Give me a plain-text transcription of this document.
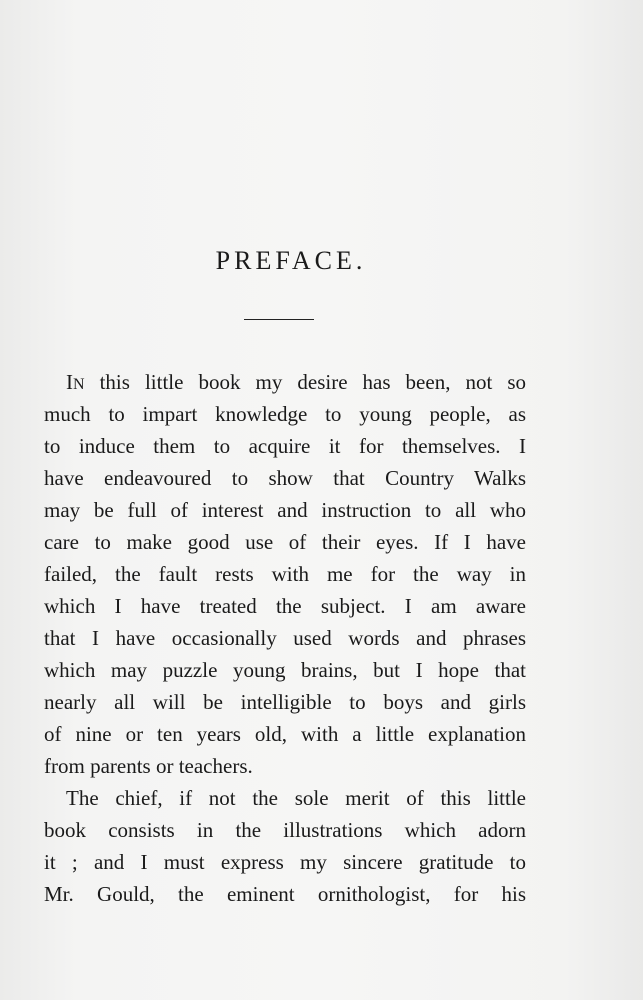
PREFACE.
IN this little book my desire has been, not so
much to impart knowledge to young people, as
to induce them to acquire it for themselves. I
have endeavoured to show that Country Walks
may be full of interest and instruction to all who
care to make good use of their eyes. If I have
failed, the fault rests with me for the way in
which I have treated the subject. I am aware
that I have occasionally used words and phrases
which may puzzle young brains, but I hope that
nearly all will be intelligible to boys and girls
of nine or ten years old, with a little explanation
from parents or teachers.
The chief, if not the sole merit of this little
book consists in the illustrations which adorn
it ; and I must express my sincere gratitude to
Mr. Gould, the eminent ornithologist, for his
